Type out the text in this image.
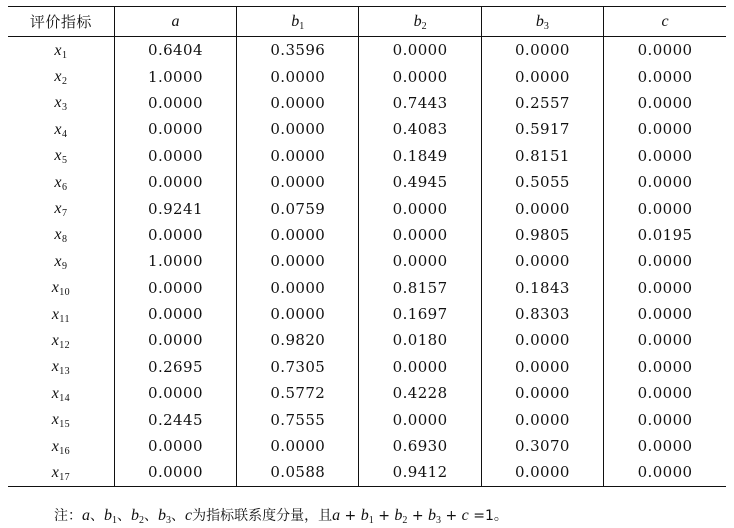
评价指标	a	$b_1$	$b_2$	$b_3$	c
$x_1$	0.6404	0.3596	0.0000	0.0000	0.0000
$x_2$	1.0000	0.0000	0.0000	0.0000	0.0000
$x_3$	0.0000	0.0000	0.7443	0.2557	0.0000
$x_4$	0.0000	0.0000	0.4083	0.5917	0.0000
$x_5$	0.0000	0.0000	0.1849	0.8151	0.0000
$x_6$	0.0000	0.0000	0.4945	0.5055	0.0000
$x_7$	0.9241	0.0759	0.0000	0.0000	0.0000
$x_8$	0.0000	0.0000	0.0000	0.9805	0.0195
$x_9$	1.0000	0.0000	0.0000	0.0000	0.0000
$x_{10}$	0.0000	0.0000	0.8157	0.1843	0.0000
$x_{11}$	0.0000	0.0000	0.1697	0.8303	0.0000
$x_{12}$	0.0000	0.9820	0.0180	0.0000	0.0000
$x_{13}$	0.2695	0.7305	0.0000	0.0000	0.0000
$x_{14}$	0.0000	0.5772	0.4228	0.0000	0.0000
$x_{15}$	0.2445	0.7555	0.0000	0.0000	0.0000
$x_{16}$	0.0000	0.0000	0.6930	0.3070	0.0000
$x_{17}$	0.0000	0.0588	0.9412	0.0000	0.0000
注：a、$b_1$、$b_2$、$b_3$、c为指标联系度分量，且$a + b_1 + b_2 + b_3 + c =1$。
